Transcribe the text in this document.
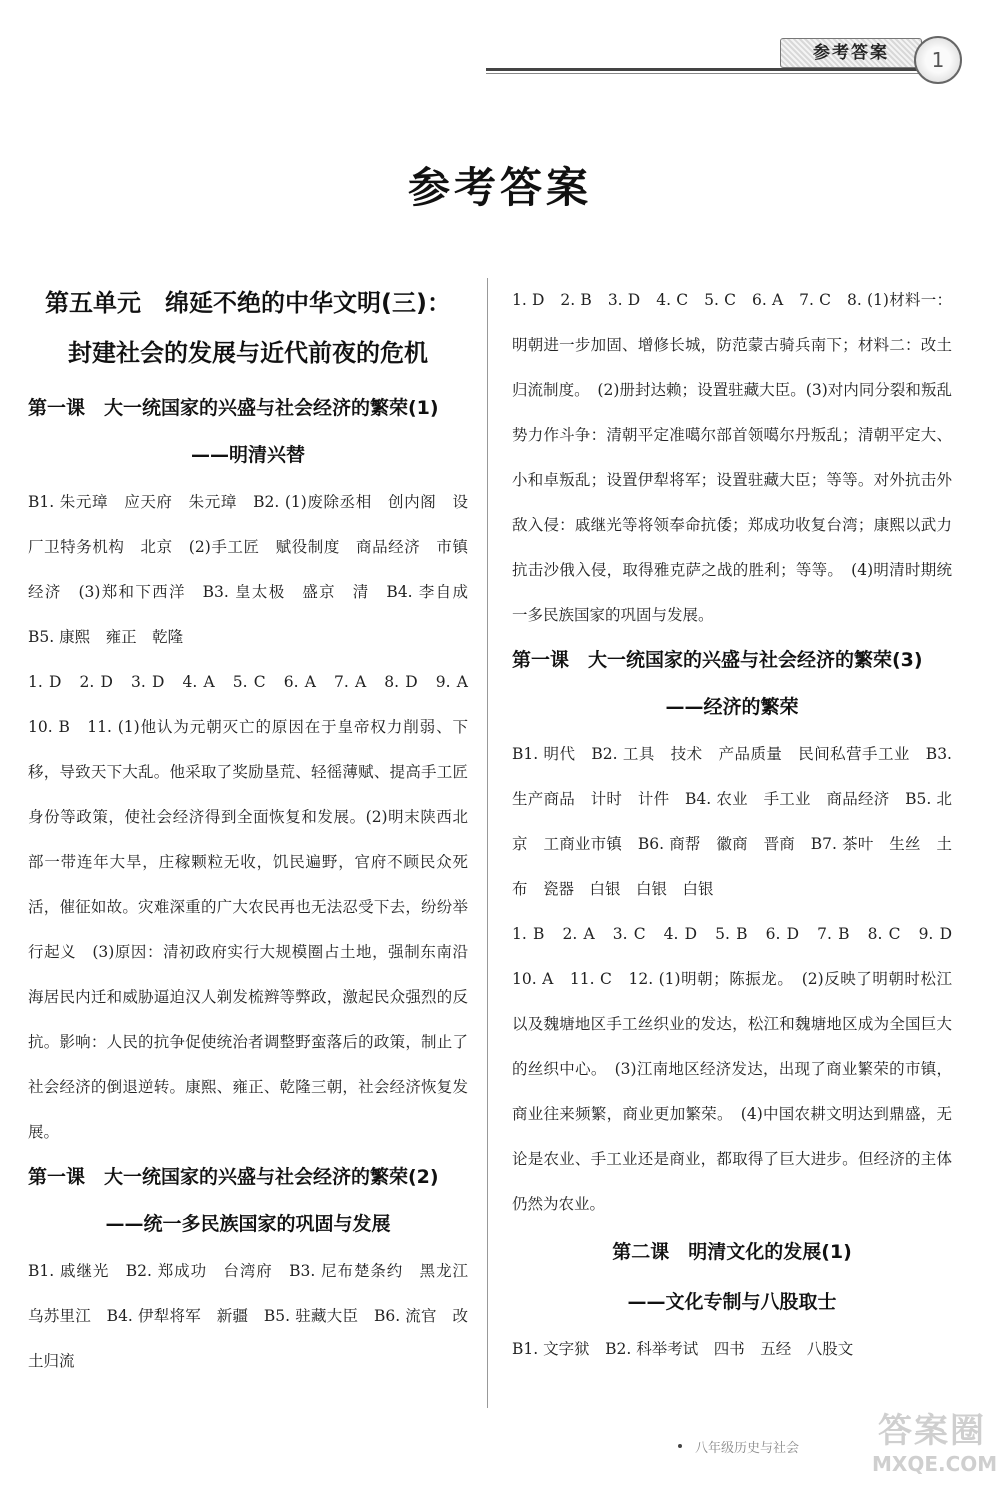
参考答案	1
参考答案

第五单元　绵延不绝的中华文明(三)：

封建社会的发展与近代前夜的危机

第一课　大一统国家的兴盛与社会经济的繁荣(1)

——明清兴替

B1. 朱元璋　应天府　朱元璋　B2. (1)废除丞相　创内阁　设厂卫特务机构　北京　(2)手工匠　赋役制度　商品经济　市镇经济　(3)郑和下西洋　B3. 皇太极　盛京　清　B4. 李自成　B5. 康熙　雍正　乾隆

1. D　2. D　3. D　4. A　5. C　6. A　7. A　8. D　9. A　10. B　11. (1)他认为元朝灭亡的原因在于皇帝权力削弱、下移，导致天下大乱。他采取了奖励垦荒、轻徭薄赋、提高手工匠身份等政策，使社会经济得到全面恢复和发展。(2)明末陕西北部一带连年大旱，庄稼颗粒无收，饥民遍野，官府不顾民众死活，催征如故。灾难深重的广大农民再也无法忍受下去，纷纷举行起义　(3)原因：清初政府实行大规模圈占土地，强制东南沿海居民内迁和威胁逼迫汉人剃发梳辫等弊政，激起民众强烈的反抗。影响：人民的抗争促使统治者调整野蛮落后的政策，制止了社会经济的倒退逆转。康熙、雍正、乾隆三朝，社会经济恢复发展。

第一课　大一统国家的兴盛与社会经济的繁荣(2)

——统一多民族国家的巩固与发展

B1. 戚继光　B2. 郑成功　台湾府　B3. 尼布楚条约　黑龙江　乌苏里江　B4. 伊犁将军　新疆　B5. 驻藏大臣　B6. 流官　改土归流

1. D　2. B　3. D　4. C　5. C　6. A　7. C　8. (1)材料一：明朝进一步加固、增修长城，防范蒙古骑兵南下；材料二：改土归流制度。　(2)册封达赖；设置驻藏大臣。(3)对内同分裂和叛乱势力作斗争：清朝平定准噶尔部首领噶尔丹叛乱；清朝平定大、小和卓叛乱；设置伊犁将军；设置驻藏大臣；等等。对外抗击外敌入侵：戚继光等将领奉命抗倭；郑成功收复台湾；康熙以武力抗击沙俄入侵，取得雅克萨之战的胜利；等等。　(4)明清时期统一多民族国家的巩固与发展。

第一课　大一统国家的兴盛与社会经济的繁荣(3)

——经济的繁荣

B1. 明代　B2. 工具　技术　产品质量　民间私营手工业　B3. 生产商品　计时　计件　B4. 农业　手工业　商品经济　B5. 北京　工商业市镇　B6. 商帮　徽商　晋商　B7. 茶叶　生丝　土布　瓷器　白银　白银　白银

1. B　2. A　3. C　4. D　5. B　6. D　7. B　8. C　9. D　10. A　11. C　12. (1)明朝；陈振龙。　(2)反映了明朝时松江以及魏塘地区手工丝织业的发达，松江和魏塘地区成为全国巨大的丝织中心。　(3)江南地区经济发达，出现了商业繁荣的市镇，商业往来频繁，商业更加繁荣。　(4)中国农耕文明达到鼎盛，无论是农业、手工业还是商业，都取得了巨大进步。但经济的主体仍然为农业。

第二课　明清文化的发展(1)

——文化专制与八股取士

B1. 文字狱　B2. 科举考试　四书　五经　八股文

八年级历史与社会 答案圈
MXQE.COM
